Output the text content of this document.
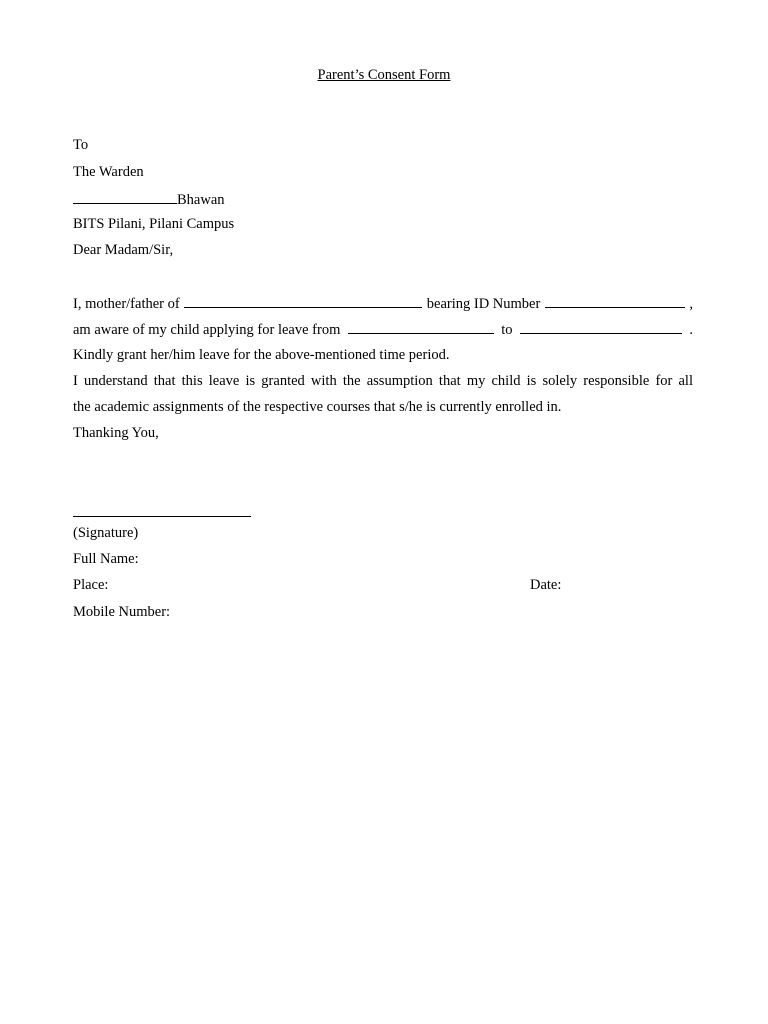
Parent’s Consent Form
To
The Warden
Bhawan
BITS Pilani, Pilani Campus
Dear Madam/Sir,
I, mother/father of	bearing ID Number	,
am aware of my child applying for leave from	to	.
Kindly grant her/him leave for the above-mentioned time period.
I understand that this leave is granted with the assumption that my child is solely responsible for all
the academic assignments of the respective courses that s/he is currently enrolled in.
Thanking You,
(Signature)
Full Name:
Place:	Date:
Mobile Number:
